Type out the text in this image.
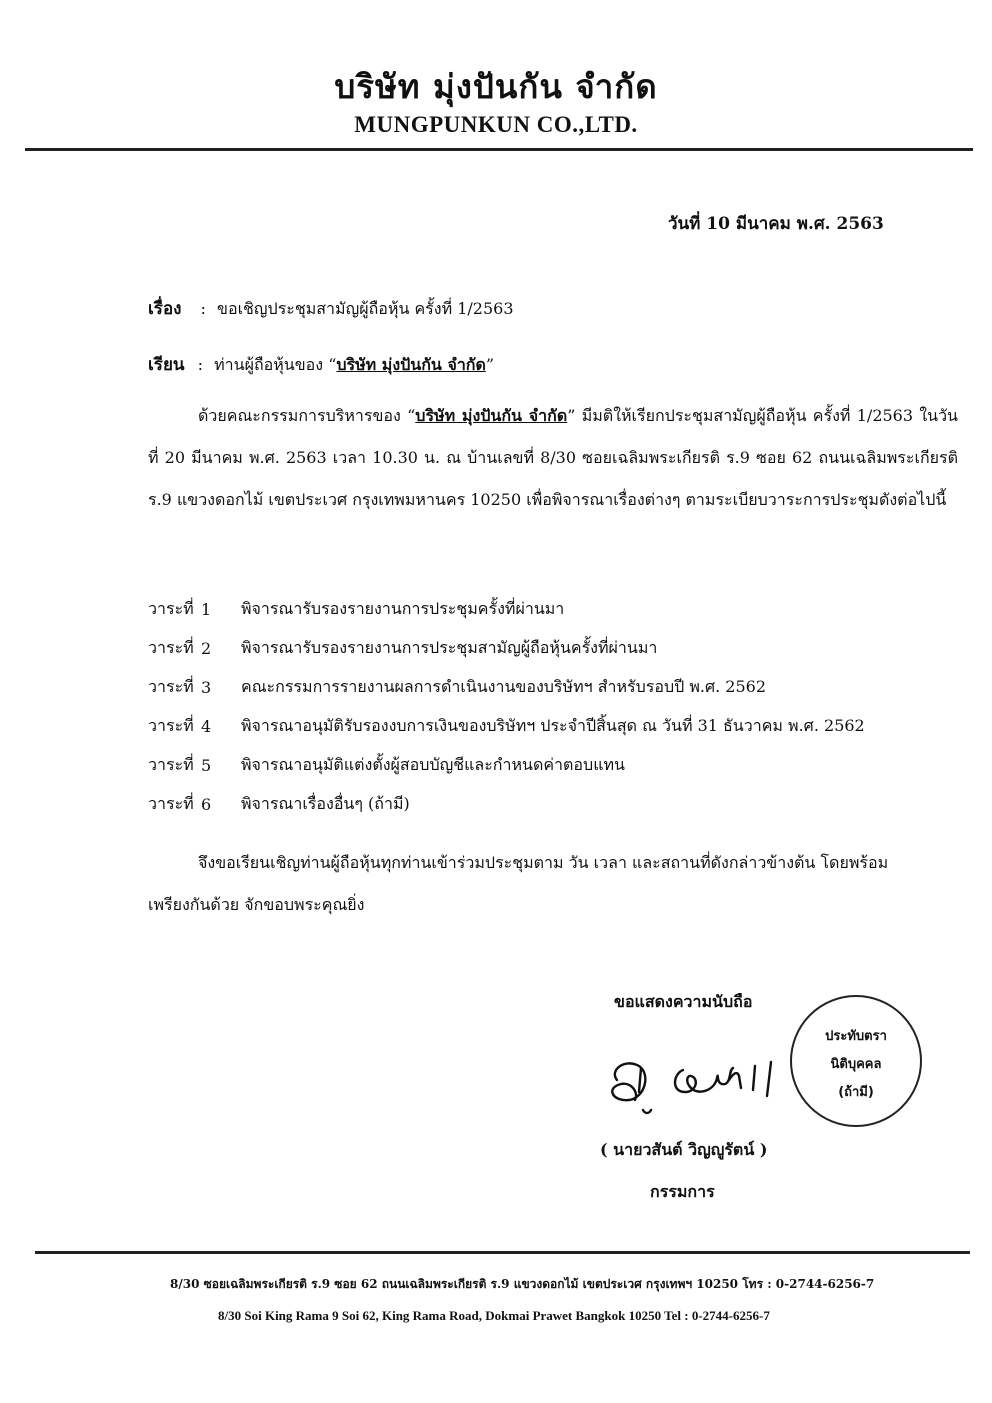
บริษัท มุ่งปันกัน จำกัด
MUNGPUNKUN CO.,LTD.
วันที่ 10 มีนาคม พ.ศ. 2563
เรื่อง : ขอเชิญประชุมสามัญผู้ถือหุ้น ครั้งที่ 1/2563
เรียน : ท่านผู้ถือหุ้นของ “บริษัท มุ่งปันกัน จำกัด”
ด้วยคณะกรรมการบริหารของ “บริษัท มุ่งปันกัน จำกัด” มีมติให้เรียกประชุมสามัญผู้ถือหุ้น ครั้งที่ 1/2563 ในวันที่ 20 มีนาคม พ.ศ. 2563 เวลา 10.30 น. ณ บ้านเลขที่ 8/30 ซอยเฉลิมพระเกียรติ ร.9 ซอย 62 ถนนเฉลิมพระเกียรติ ร.9 แขวงดอกไม้ เขตประเวศ กรุงเทพมหานคร 10250 เพื่อพิจารณาเรื่องต่างๆ ตามระเบียบวาระการประชุมดังต่อไปนี้
วาระที่ 1	พิจารณารับรองรายงานการประชุมครั้งที่ผ่านมา
วาระที่ 2	พิจารณารับรองรายงานการประชุมสามัญผู้ถือหุ้นครั้งที่ผ่านมา
วาระที่ 3	คณะกรรมการรายงานผลการดำเนินงานของบริษัทฯ สำหรับรอบปี พ.ศ. 2562
วาระที่ 4	พิจารณาอนุมัติรับรองงบการเงินของบริษัทฯ ประจำปีสิ้นสุด ณ วันที่ 31 ธันวาคม พ.ศ. 2562
วาระที่ 5	พิจารณาอนุมัติแต่งตั้งผู้สอบบัญชีและกำหนดค่าตอบแทน
วาระที่ 6	พิจารณาเรื่องอื่นๆ (ถ้ามี)
จึงขอเรียนเชิญท่านผู้ถือหุ้นทุกท่านเข้าร่วมประชุมตาม วัน เวลา และสถานที่ดังกล่าวข้างต้น โดยพร้อมเพรียงกันด้วย จักขอบพระคุณยิ่ง
ขอแสดงความนับถือ
ประทับตรา
นิติบุคคล
(ถ้ามี)
( นายวสันต์ วิญญูรัตน์ )
กรรมการ
8/30 ซอยเฉลิมพระเกียรติ ร.9 ซอย 62 ถนนเฉลิมพระเกียรติ ร.9 แขวงดอกไม้ เขตประเวศ กรุงเทพฯ 10250 โทร : 0-2744-6256-7
8/30 Soi King Rama 9 Soi 62, King Rama Road, Dokmai Prawet Bangkok 10250 Tel : 0-2744-6256-7
